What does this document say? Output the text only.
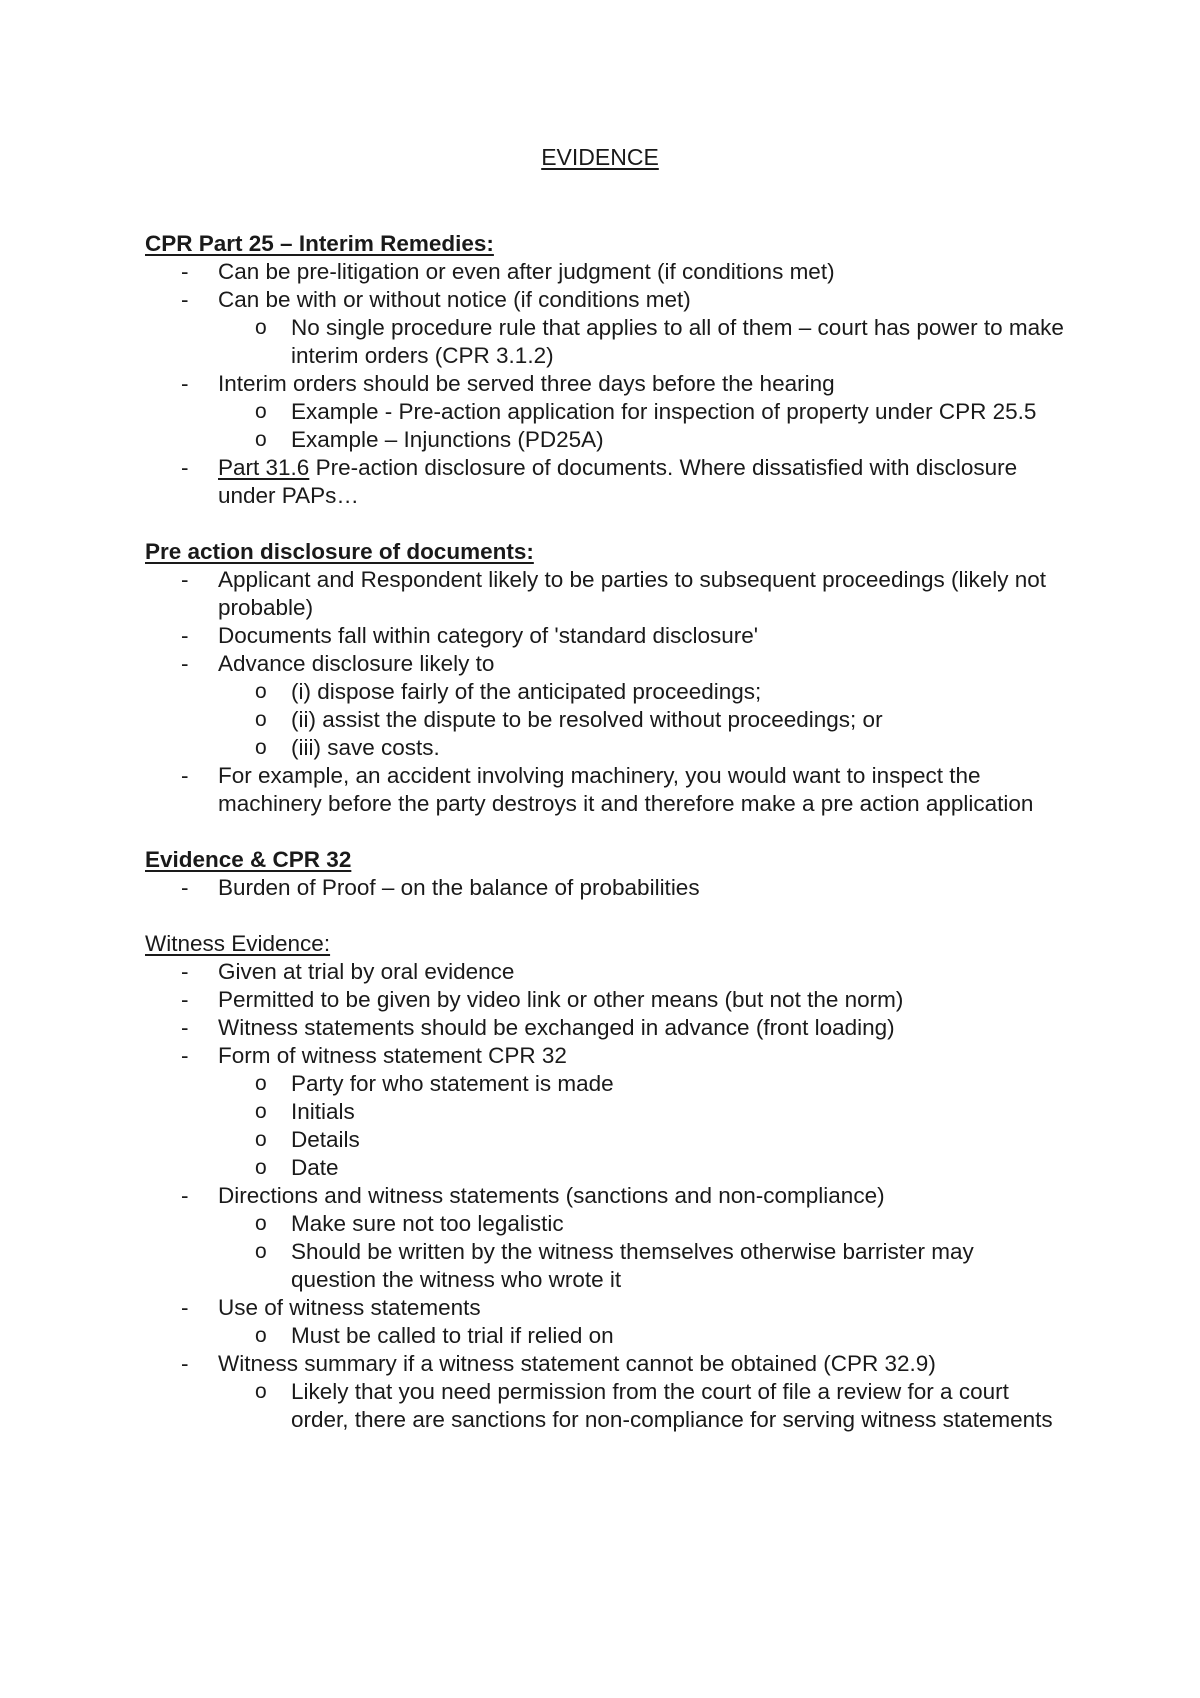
EVIDENCE
CPR Part 25 – Interim Remedies:
- Can be pre-litigation or even after judgment (if conditions met)
- Can be with or without notice (if conditions met)
o No single procedure rule that applies to all of them – court has power to make interim orders (CPR 3.1.2)
- Interim orders should be served three days before the hearing
o Example - Pre-action application for inspection of property under CPR 25.5
o Example – Injunctions (PD25A)
- Part 31.6 Pre-action disclosure of documents. Where dissatisfied with disclosure under PAPs…
Pre action disclosure of documents:
- Applicant and Respondent likely to be parties to subsequent proceedings (likely not probable)
- Documents fall within category of 'standard disclosure'
- Advance disclosure likely to
o (i) dispose fairly of the anticipated proceedings;
o (ii) assist the dispute to be resolved without proceedings; or
o (iii) save costs.
- For example, an accident involving machinery, you would want to inspect the machinery before the party destroys it and therefore make a pre action application
Evidence & CPR 32
- Burden of Proof – on the balance of probabilities
Witness Evidence:
- Given at trial by oral evidence
- Permitted to be given by video link or other means (but not the norm)
- Witness statements should be exchanged in advance (front loading)
- Form of witness statement CPR 32
o Party for who statement is made
o Initials
o Details
o Date
- Directions and witness statements (sanctions and non-compliance)
o Make sure not too legalistic
o Should be written by the witness themselves otherwise barrister may question the witness who wrote it
- Use of witness statements
o Must be called to trial if relied on
- Witness summary if a witness statement cannot be obtained (CPR 32.9)
o Likely that you need permission from the court of file a review for a court order, there are sanctions for non-compliance for serving witness statements
